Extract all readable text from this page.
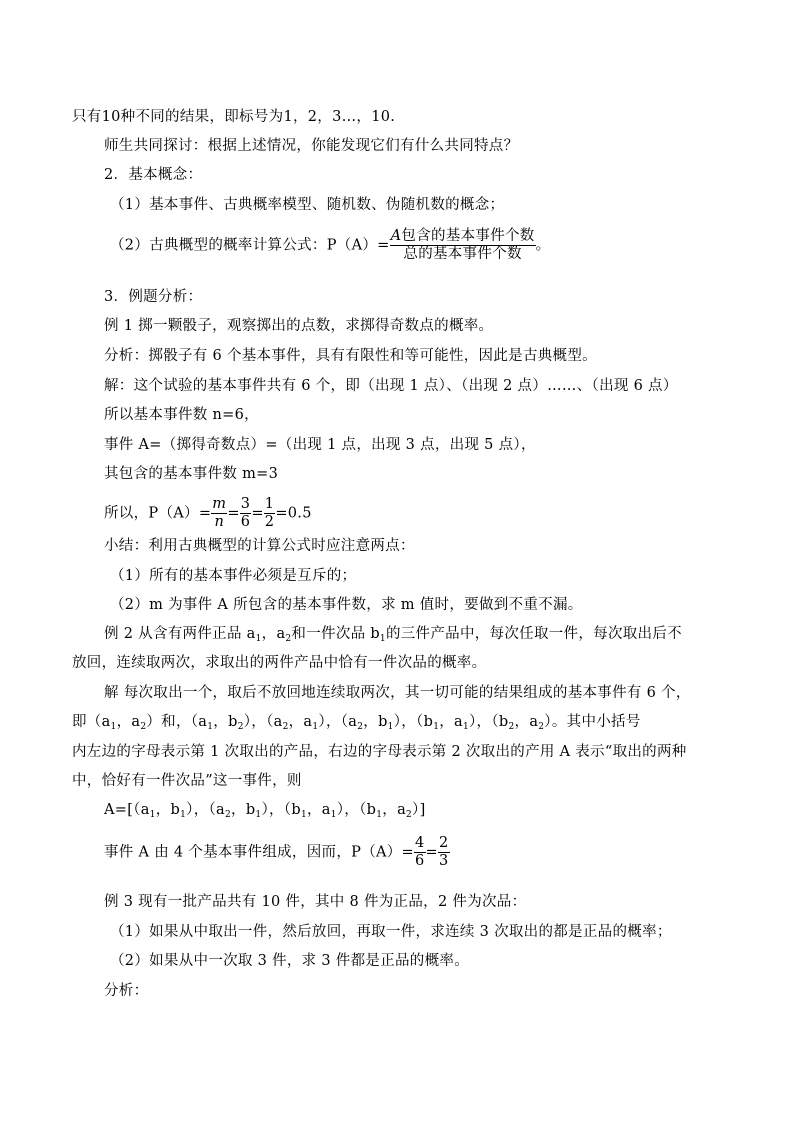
只有10种不同的结果，即标号为1，2，3…，10.
师生共同探讨：根据上述情况，你能发现它们有什么共同特点？
2．基本概念：
（1）基本事件、古典概率模型、随机数、伪随机数的概念；
（2）古典概型的概率计算公式：$P(A)= \frac{\text{A包含的基本事件个数}}{\text{总的基本事件个数}}$ 。
3．例题分析：
例 1 掷一颗骰子，观察掷出的点数，求掷得奇数点的概率。
分析：掷骰子有 6 个基本事件，具有有限性和等可能性，因此是古典概型。
解：这个试验的基本事件共有 6 个，即（出现 1 点）、（出现 2 点）……、（出现 6 点）
所以基本事件数 n=6，
事件 A=（掷得奇数点）=（出现 1 点，出现 3 点，出现 5 点），
其包含的基本事件数 m=3
所以，$P(A)= \frac{m}{n} = \frac{3}{6} = \frac{1}{2} =0.5$
小结：利用古典概型的计算公式时应注意两点：
（1）所有的基本事件必须是互斥的；
（2）m 为事件 A 所包含的基本事件数，求 m 值时，要做到不重不漏。
例 2 从含有两件正品 $a_1$，$a_2$和一件次品 $b_1$的三件产品中，每次任取一件，每次取出后不
放回，连续取两次，求取出的两件产品中恰有一件次品的概率。
解 每次取出一个，取后不放回地连续取两次，其一切可能的结果组成的基本事件有 6 个，
即（$a_1$，$a_2$）和，（$a_1$，$b_2$），（$a_2$，$a_1$），（$a_2$，$b_1$），（$b_1$，$a_1$），（$b_2$，$a_2$）。其中小括号
内左边的字母表示第 1 次取出的产品，右边的字母表示第 2 次取出的产用 A 表示“取出的两种
中，恰好有一件次品”这一事件，则
$A=[(a_1$，$b_1$），（$a_2$，$b_1$），（$b_1$，$a_1$），（$b_1$，$a_2$）]
事件 A 由 4 个基本事件组成，因而，$P(A)= \frac{4}{6} = \frac{2}{3}$
例 3 现有一批产品共有 10 件，其中 8 件为正品，2 件为次品：
（1）如果从中取出一件，然后放回，再取一件，求连续 3 次取出的都是正品的概率；
（2）如果从中一次取 3 件，求 3 件都是正品的概率。
分析：
